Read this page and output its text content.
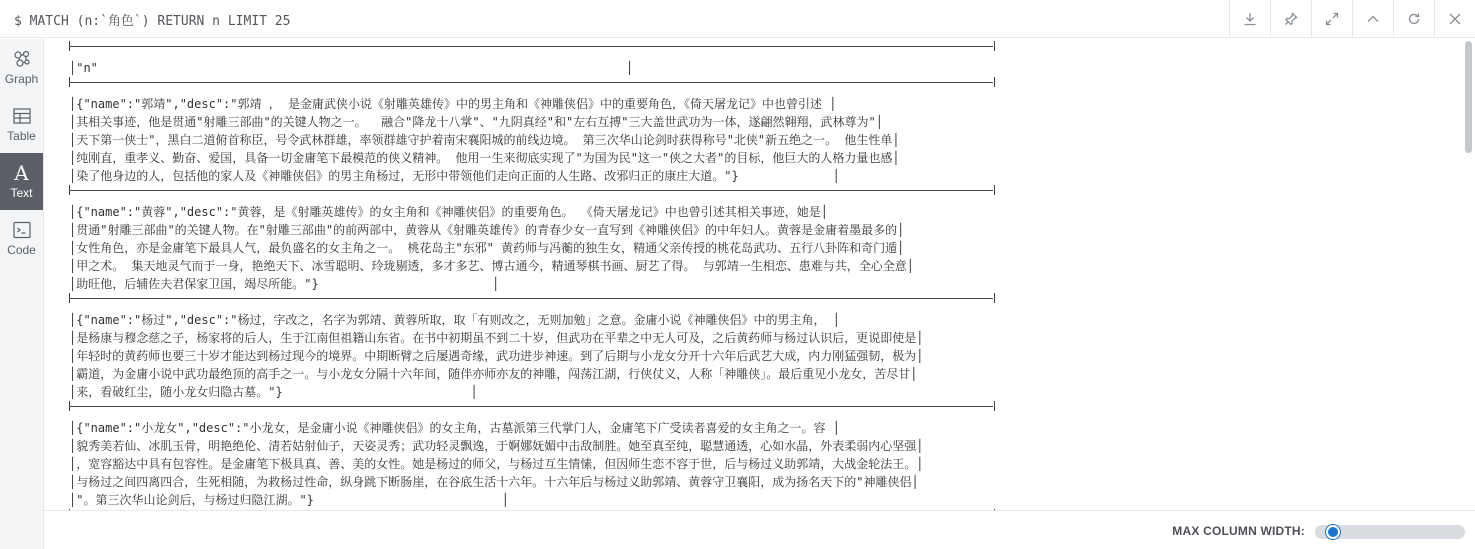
$ MATCH (n:`角色`) RETURN n LIMIT 25
Graph
Table
A
Text
Code
│"n"	│
│{"name":"郭靖","desc":"郭靖 ， 是金庸武侠小说《射雕英雄传》中的男主角和《神雕侠侣》中的重要角色，《倚天屠龙记》中也曾引述 │
│其相关事迹，他是贯通"射雕三部曲"的关键人物之一。  融合"降龙十八掌"、"九阴真经"和"左右互搏"三大盖世武功为一体，遂翩然翱翔，武林尊为"│
│天下第一侠士"，黑白二道俯首称臣，号令武林群雄，率领群雄守护着南宋襄阳城的前线边境。 第三次华山论剑时获得称号"北侠"新五绝之一。 他生性单│
│纯刚直，重孝义、勤奋、爱国，具备一切金庸笔下最模范的侠义精神。 他用一生来彻底实现了"为国为民"这一"侠之大者"的目标，他巨大的人格力量也感│
│染了他身边的人，包括他的家人及《神雕侠侣》的男主角杨过，无形中带领他们走向正面的人生路、改邪归正的康庄大道。"}             │
│{"name":"黄蓉","desc":"黄蓉，是《射雕英雄传》的女主角和《神雕侠侣》的重要角色。 《倚天屠龙记》中也曾引述其相关事迹，她是│
│贯通"射雕三部曲"的关键人物。在"射雕三部曲"的前两部中，黄蓉从《射雕英雄传》的青春少女一直写到《神雕侠侣》的中年妇人。黄蓉是金庸着墨最多的│
│女性角色，亦是金庸笔下最具人气，最负盛名的女主角之一。 桃花岛主"东邪" 黄药师与冯蘅的独生女，精通父亲传授的桃花岛武功、五行八卦阵和奇门遁│
│甲之术。 集天地灵气而于一身，艳绝天下、冰雪聪明、玲珑剔透，多才多艺、博古通今，精通琴棋书画、厨艺了得。 与郭靖一生相恋、患难与共，全心全意│
│助旺他，后辅佐夫君保家卫国，竭尽所能。"}                        │
│{"name":"杨过","desc":"杨过，字改之，名字为郭靖、黄蓉所取，取「有则改之，无则加勉」之意。金庸小说《神雕侠侣》中的男主角， │
│是杨康与穆念慈之子，杨家将的后人，生于江南但祖籍山东省。在书中初期虽不到二十岁，但武功在平辈之中无人可及，之后黄药师与杨过认识后，更说即使是│
│年轻时的黄药师也要三十岁才能达到杨过现今的境界。中期断臂之后屡遇奇缘，武功进步神速。到了后期与小龙女分开十六年后武艺大成，内力刚猛强韧，极为│
│霸道，为金庸小说中武功最绝顶的高手之一。与小龙女分隔十六年间，随伴亦师亦友的神雕，闯荡江湖，行侠仗义，人称「神雕侠」。最后重见小龙女，苦尽甘│
│来，看破红尘，随小龙女归隐古墓。"}                          │
│{"name":"小龙女","desc":"小龙女，是金庸小说《神雕侠侣》的女主角，古墓派第三代掌门人，金庸笔下广受读者喜爱的女主角之一。容 │
│貌秀美若仙、冰肌玉骨，明艳绝伦、清若姑射仙子，天姿灵秀；武功轻灵飘逸，于婀娜妩媚中击敌制胜。她至真至纯，聪慧通透，心如水晶，外表柔弱内心坚强│
│，宽容豁达中具有包容性。是金庸笔下极具真、善、美的女性。她是杨过的师父，与杨过互生情愫，但因师生恋不容于世，后与杨过义助郭靖，大战金轮法王。│
│与杨过之间四离四合，生死相随，为救杨过性命，纵身跳下断肠崖，在谷底生活十六年。十六年后与杨过义助郭靖、黄蓉守卫襄阳，成为扬名天下的"神雕侠侣│
│"。第三次华山论剑后，与杨过归隐江湖。"}                          │
MAX COLUMN WIDTH:
